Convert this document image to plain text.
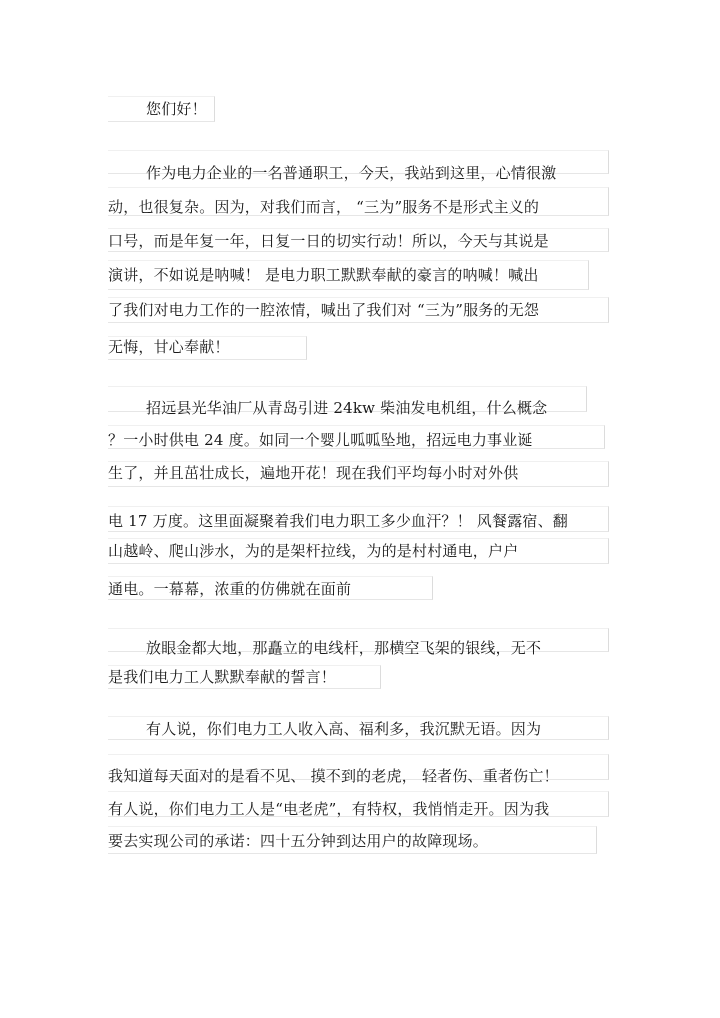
您们好！
作为电力企业的一名普通职工，今天，我站到这里，心情很激
动，也很复杂。因为，对我们而言， “三为”服务不是形式主义的
口号，而是年复一年，日复一日的切实行动！所以，今天与其说是
演讲，不如说是呐喊！ 是电力职工默默奉献的豪言的呐喊！喊出
了我们对电力工作的一腔浓情，喊出了我们对 “三为”服务的无怨
无悔，甘心奉献！
招远县光华油厂从青岛引进 24kw 柴油发电机组，什么概念
？一小时供电 24 度。如同一个婴儿呱呱坠地，招远电力事业诞
生了，并且茁壮成长，遍地开花！现在我们平均每小时对外供
电 17 万度。这里面凝聚着我们电力职工多少血汗？！ 风餐露宿、翻
山越岭、爬山涉水，为的是架杆拉线，为的是村村通电，户户
通电。一幕幕，浓重的仿佛就在面前
放眼金都大地，那矗立的电线杆，那横空飞架的银线，无不
是我们电力工人默默奉献的誓言！
有人说，你们电力工人收入高、福利多，我沉默无语。因为
我知道每天面对的是看不见、 摸不到的老虎， 轻者伤、重者伤亡！
有人说，你们电力工人是“电老虎”，有特权，我悄悄走开。因为我
要去实现公司的承诺：四十五分钟到达用户的故障现场。
